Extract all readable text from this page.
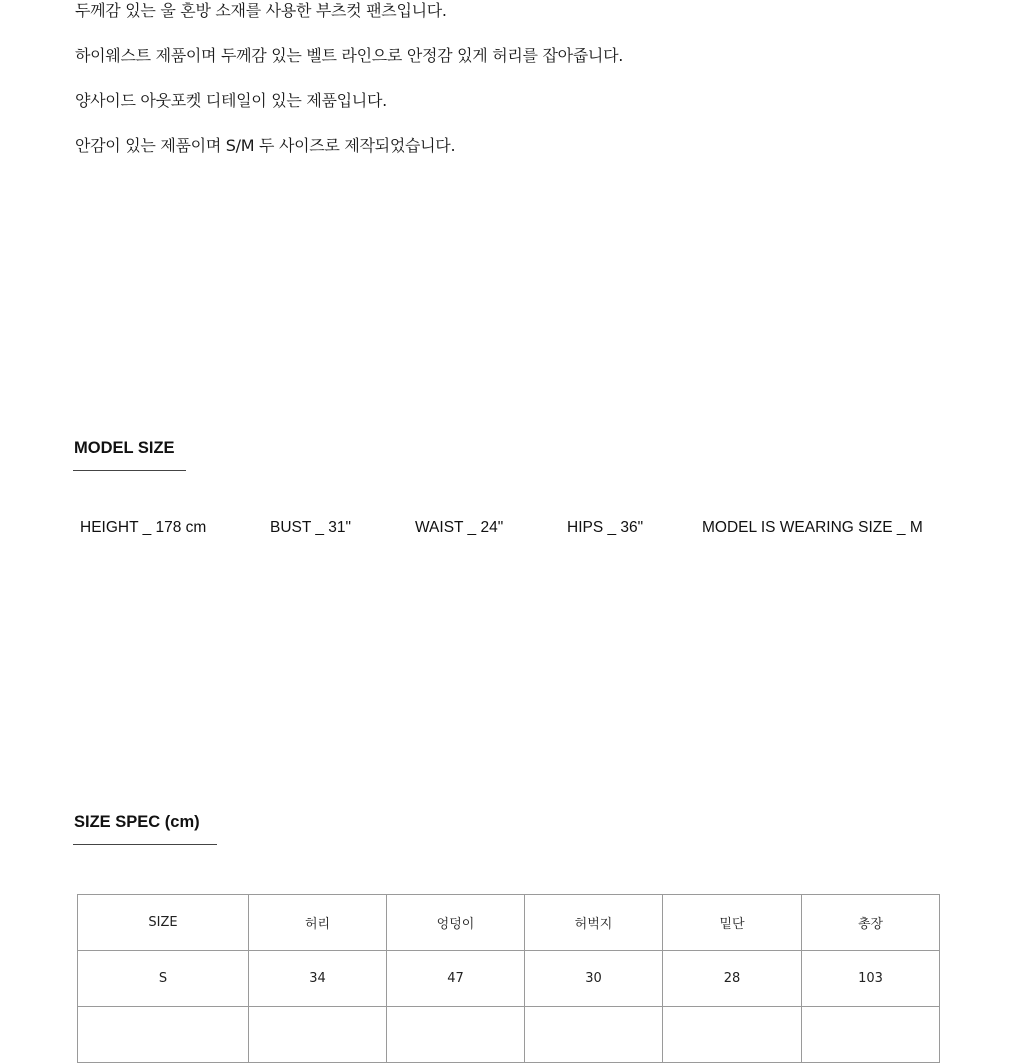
두께감 있는 울 혼방 소재를 사용한 부츠컷 팬츠입니다.
하이웨스트 제품이며 두께감 있는 벨트 라인으로 안정감 있게 허리를 잡아줍니다.
양사이드 아웃포켓 디테일이 있는 제품입니다.
안감이 있는 제품이며 S/M 두 사이즈로 제작되었습니다.
MODEL SIZE
HEIGHT _ 178 cm	BUST _ 31"	WAIST _ 24"	HIPS _ 36"	MODEL IS WEARING SIZE _ M
SIZE SPEC (cm)
SIZE	허리	엉덩이	허벅지	밑단	총장
S	34	47	30	28	103
